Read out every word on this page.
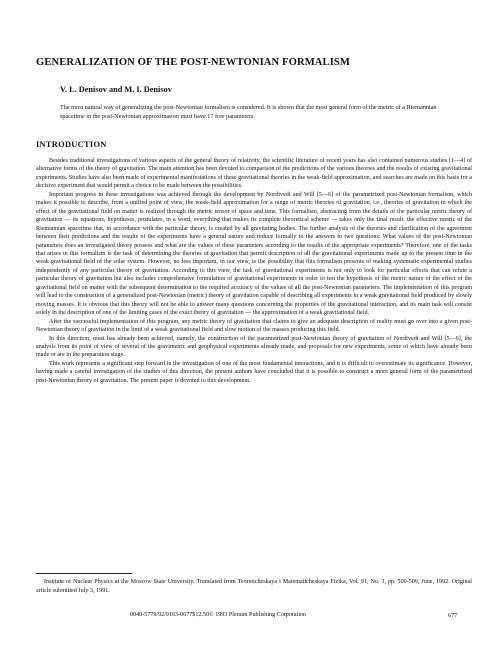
GENERALIZATION OF THE POST-NEWTONIAN FORMALISM
V. L. Denisov and M. I. Denisov
The most natural way of generalizing the post-Newtonian formalism is considered. It is shown that the most general form of the metric of a Riemannian spacetime in the post-Newtonian approximation must have 17 free parameters.
INTRODUCTION

Besides traditional investigations of various aspects of the general theory of relativity, the scientific literature of recent years has also contained numerous studies [1—4] of alternative forms of the theory of gravitation. The main attention has been devoted to comparison of the predictions of the various theories and the results of existing gravitational experiments. Studies have also been made of experimental manifestations of these gravitational theories in the weak-field approximation, and searches are made on this basis for a decisive experiment that would permit a choice to be made between the possibilities.

Important progress in these investigations was achieved through the development by Nordtvedt and Will [5—6] of the parametrized post-Newtonian formalism, which makes it possible to describe, from a unified point of view, the weak-field approximation for a range of metric theories of gravitation, i.e., theories of gravitation in which the effect of the gravitational field on matter is realized through the metric tensor of space and time. This formalism, abstracting from the details of the particular metric theory of gravitation — its equations, hypotheses, postulates, in a word, everything that makes its complete theoretical scheme — takes only the final result: the effective metric of the Riemannian spacetime that, in accordance with the particular theory, is created by all gravitating bodies. The further analysis of the theories and clarification of the agreement between their predictions and the results of the experiments have a general nature and reduce formally to the answers to two questions: What values of the post-Newtonian parameters does an investigated theory possess and what are the values of these parameters according to the results of the appropriate experiments? Therefore, one of the tasks that arises in this formalism is the task of determining the theories of gravitation that permit description of all the gravitational experiments made up to the present time in the weak gravitational field of the solar system. However, no less important, in our view, is the possibility that this formalism presents of making systematic experimental studies independently of any particular theory of gravitation. According to this view, the task of gravitational experiments is not only to look for particular effects that can refute a particular theory of gravitation but also includes comprehensive formulation of gravitational experiments in order to test the hypothesis of the metric nature of the effect of the gravitational field on matter with the subsequent determination to the required accuracy of the values of all the post-Newtonian parameters. The implementation of this program will lead to the construction of a generalized post-Newtonian (metric) theory of gravitation capable of describing all experiments in a weak gravitational field produced by slowly moving masses. It is obvious that this theory will not be able to answer many questions concerning the properties of the gravitational interaction, and its main task will consist solely in the description of one of the limiting cases of the exact theory of gravitation — the approximation of a weak gravitational field.

After the successful implementation of this program, any metric theory of gravitation that claims to give an adequate description of reality must go over into a given post-Newtonian theory of gravitation in the limit of a weak gravitational field and slow motion of the masses producing this field.

In this direction, must has already been achieved, namely, the construction of the parametrized post-Newtonian theory of gravitation of Nordtvedt and Will [5—6], the analysis from its point of view of several of the gravimetric and geophysical experiments already made, and proposals for new experiments, some of which have already been made or are in the preparation stage.

This work represents a significant step forward in the investigation of one of the most fundamental interactions, and it is difficult to overestimate its significance. However, having made a careful investigation of the studies of this direction, the present authors have concluded that it is possible to construct a more general form of the parametrized post-Newtonian theory of gravitation. The present paper is devoted to this development.

Institute of Nuclear Physics at the Moscow State University. Translated from Teoreticheskaya i Matematicheskaya Fizika, Vol. 91, No. 3, pp. 500-509, June, 1992. Original article submitted July 3, 1991.

0040-5779/92/9103-0677$12.50© 1993 Plenum Publishing Corporation	677
